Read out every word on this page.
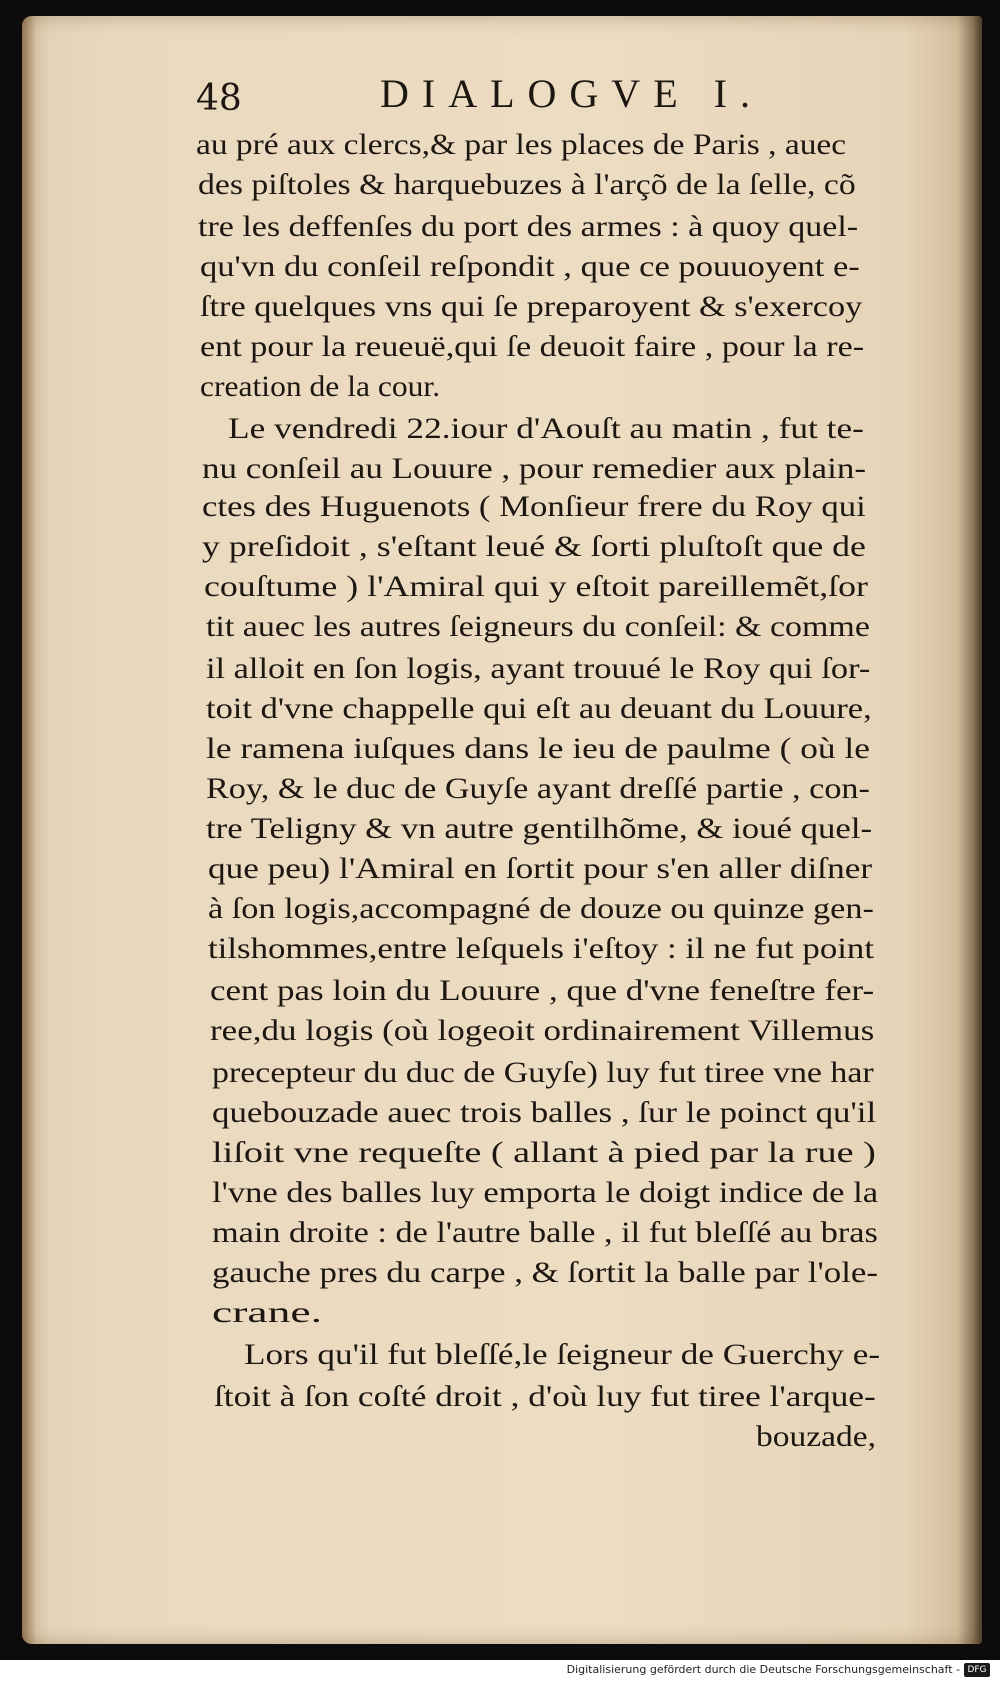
48	DIALOGVE I.
au pré aux clercs,& par les places de Paris , auec
des piſtoles & harquebuzes à l'arçõ de la ſelle, cõ
tre les deffenſes du port des armes : à quoy quel-
qu'vn du conſeil reſpondit , que ce pouuoyent e-
ſtre quelques vns qui ſe preparoyent & s'exercoy
ent pour la reueuë,qui ſe deuoit faire , pour la re-
creation de la cour.
Le vendredi 22.iour d'Aouſt au matin , fut te-
nu conſeil au Louure , pour remedier aux plain-
ctes des Huguenots ( Monſieur frere du Roy qui
y preſidoit , s'eſtant leué & ſorti pluſtoſt que de
couſtume ) l'Amiral qui y eſtoit pareillemẽt,ſor
tit auec les autres ſeigneurs du conſeil: & comme
il alloit en ſon logis, ayant trouué le Roy qui ſor-
toit d'vne chappelle qui eſt au deuant du Louure,
le ramena iuſques dans le ieu de paulme ( où le
Roy, & le duc de Guyſe ayant dreſſé partie , con-
tre Teligny & vn autre gentilhõme, & ioué quel-
que peu) l'Amiral en ſortit pour s'en aller diſner
à ſon logis,accompagné de douze ou quinze gen-
tilshommes,entre leſquels i'eſtoy : il ne fut point
cent pas loin du Louure , que d'vne feneſtre fer-
ree,du logis (où logeoit ordinairement Villemus
precepteur du duc de Guyſe) luy fut tiree vne har
quebouzade auec trois balles , ſur le poinct qu'il
liſoit vne requeſte ( allant à pied par la rue )
l'vne des balles luy emporta le doigt indice de la
main droite : de l'autre balle , il fut bleſſé au bras
gauche pres du carpe , & ſortit la balle par l'ole-
crane.
Lors qu'il fut bleſſé,le ſeigneur de Guerchy e-
ſtoit à ſon coſté droit , d'où luy fut tiree l'arque-
bouzade,
Digitalisierung gefördert durch die Deutsche Forschungsgemeinschaft - DFG
